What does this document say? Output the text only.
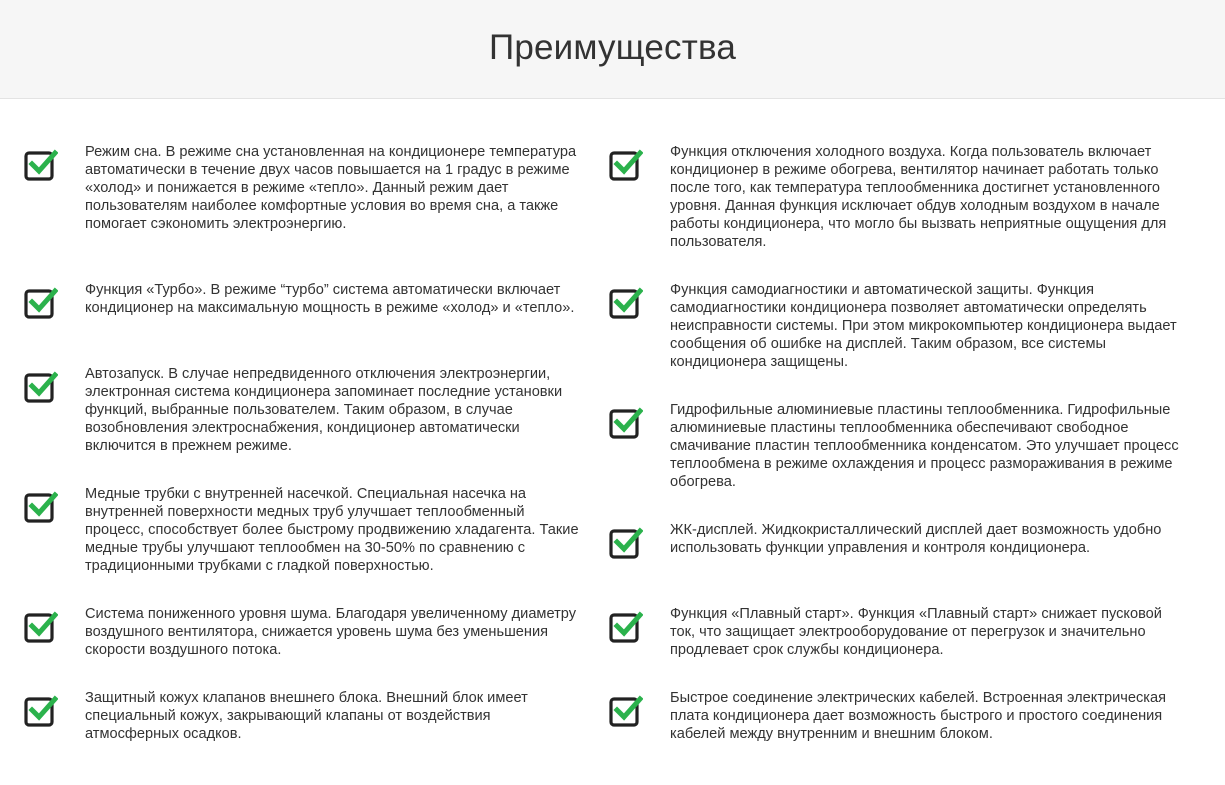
Преимущества
Режим сна. В режиме сна установленная на кондиционере температура автоматически в течение двух часов повышается на 1 градус в режиме «холод» и понижается в режиме «тепло». Данный режим дает пользователям наиболее комфортные условия во время сна, а также помогает сэкономить электроэнергию.
Функция «Турбо». В режиме “турбо” система автоматически включает кондиционер на максимальную мощность в режиме «холод» и «тепло».
Автозапуск. В случае непредвиденного отключения электроэнергии, электронная система кондиционера запоминает последние установки функций, выбранные пользователем. Таким образом, в случае возобновления электроснабжения, кондиционер автоматически включится в прежнем режиме.
Медные трубки с внутренней насечкой. Специальная насечка на внутренней поверхности медных труб улучшает теплообменный процесс, способствует более быстрому продвижению хладагента. Такие медные трубы улучшают теплообмен на 30-50% по сравнению с традиционными трубками с гладкой поверхностью.
Система пониженного уровня шума. Благодаря увеличенному диаметру воздушного вентилятора, снижается уровень шума без уменьшения скорости воздушного потока.
Защитный кожух клапанов внешнего блока. Внешний блок имеет специальный кожух, закрывающий клапаны от воздействия атмосферных осадков.
Функция отключения холодного воздуха. Когда пользователь включает кондиционер в режиме обогрева, вентилятор начинает работать только после того, как температура теплообменника достигнет установленного уровня. Данная функция исключает обдув холодным воздухом в начале работы кондиционера, что могло бы вызвать неприятные ощущения для пользователя.
Функция самодиагностики и автоматической защиты. Функция самодиагностики кондиционера позволяет автоматически определять неисправности системы. При этом микрокомпьютер кондиционера выдает сообщения об ошибке на дисплей. Таким образом, все системы кондиционера защищены.
Гидрофильные алюминиевые пластины теплообменника. Гидрофильные алюминиевые пластины теплообменника обеспечивают свободное смачивание пластин теплообменника конденсатом. Это улучшает процесс теплообмена в режиме охлаждения и процесс размораживания в режиме обогрева.
ЖК-дисплей. Жидкокристаллический дисплей дает возможность удобно использовать функции управления и контроля кондиционера.
Функция «Плавный старт». Функция «Плавный старт» снижает пусковой ток, что защищает электрооборудование от перегрузок и значительно продлевает срок службы кондиционера.
Быстрое соединение электрических кабелей. Встроенная электрическая плата кондиционера дает возможность быстрого и простого соединения кабелей между внутренним и внешним блоком.
